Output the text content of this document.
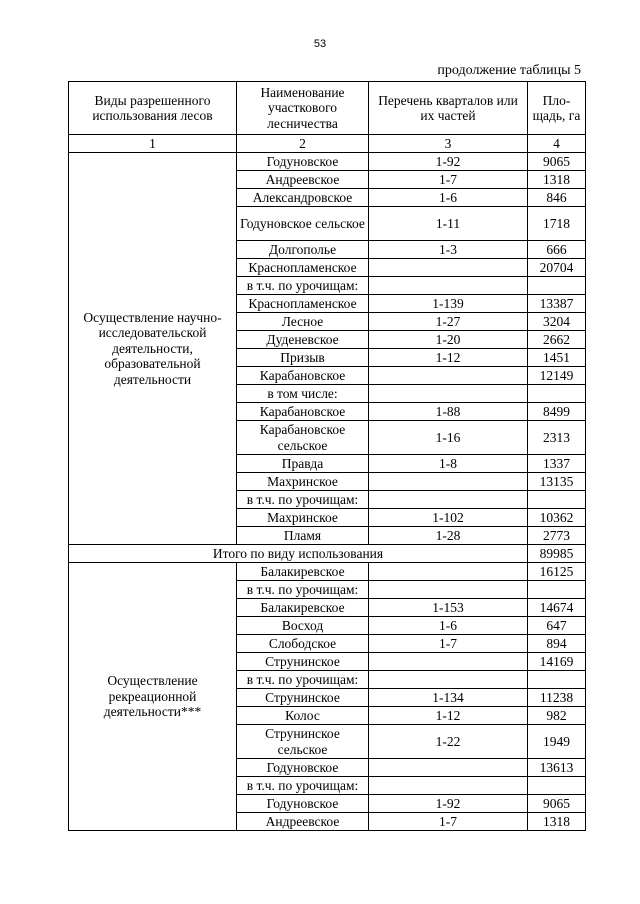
53
продолжение таблицы 5
Виды разрешенного использования лесов	Наименование участкового лесничества	Перечень кварталов или их частей	Пло-щадь, га
1	2	3	4
Осуществление научно-исследовательской деятельности, образовательной деятельности	Годуновское	1-92	9065
	Андреевское	1-7	1318
	Александровское	1-6	846
	Годуновское сельское	1-11	1718
	Долгополье	1-3	666
	Краснопламенское		20704
	в т.ч. по урочищам:		
	Краснопламенское	1-139	13387
	Лесное	1-27	3204
	Дуденевское	1-20	2662
	Призыв	1-12	1451
	Карабановское		12149
	в том числе:		
	Карабановское	1-88	8499
	Карабановское сельское	1-16	2313
	Правда	1-8	1337
	Махринское		13135
	в т.ч. по урочищам:		
	Махринское	1-102	10362
	Пламя	1-28	2773
Итого по виду использования			89985
Осуществление рекреационной деятельности***	Балакиревское		16125
	в т.ч. по урочищам:		
	Балакиревское	1-153	14674
	Восход	1-6	647
	Слободское	1-7	894
	Струнинское		14169
	в т.ч. по урочищам:		
	Струнинское	1-134	11238
	Колос	1-12	982
	Струнинское сельское	1-22	1949
	Годуновское		13613
	в т.ч. по урочищам:		
	Годуновское	1-92	9065
	Андреевское	1-7	1318
